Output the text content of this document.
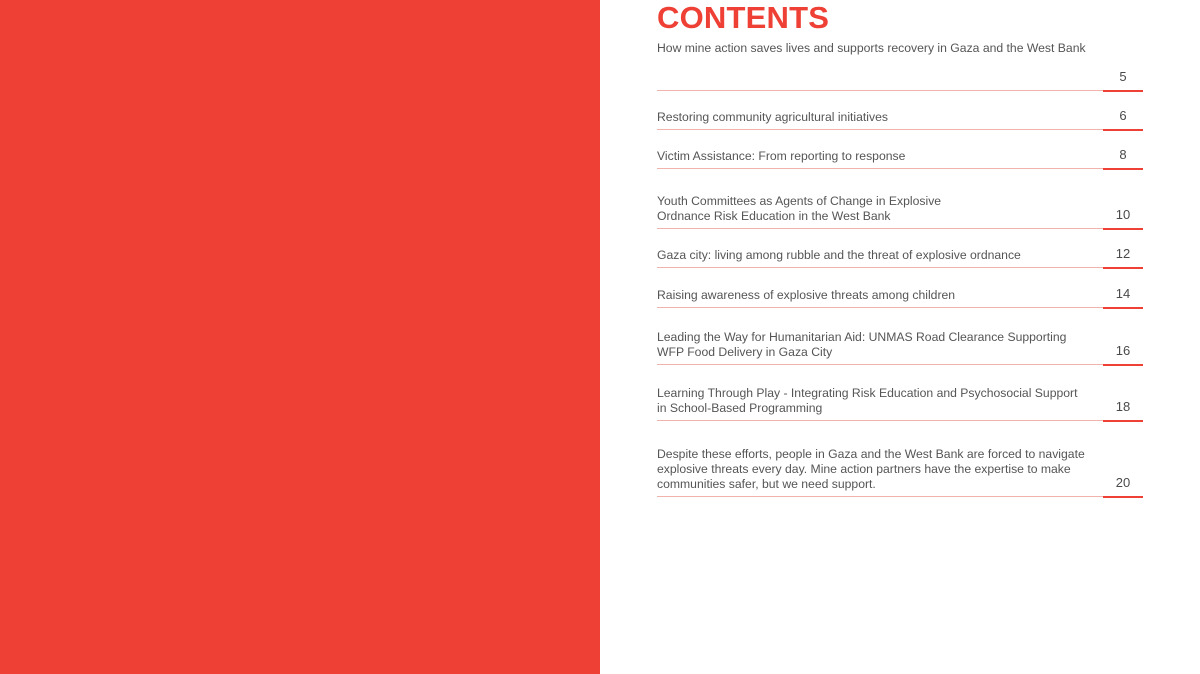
CONTENTS
How mine action saves lives and supports recovery in Gaza and the West Bank
5
Restoring community agricultural initiatives	6
Victim Assistance: From reporting to response	8
Youth Committees as Agents of Change in Explosive
Ordnance Risk Education in the West Bank	10
Gaza city: living among rubble and the threat of explosive ordnance	12
Raising awareness of explosive threats among children	14
Leading the Way for Humanitarian Aid: UNMAS Road Clearance Supporting
WFP Food Delivery in Gaza City	16
Learning Through Play - Integrating Risk Education and Psychosocial Support
in School-Based Programming	18
Despite these efforts, people in Gaza and the West Bank are forced to navigate
explosive threats every day. Mine action partners have the expertise to make
communities safer, but we need support.	20
